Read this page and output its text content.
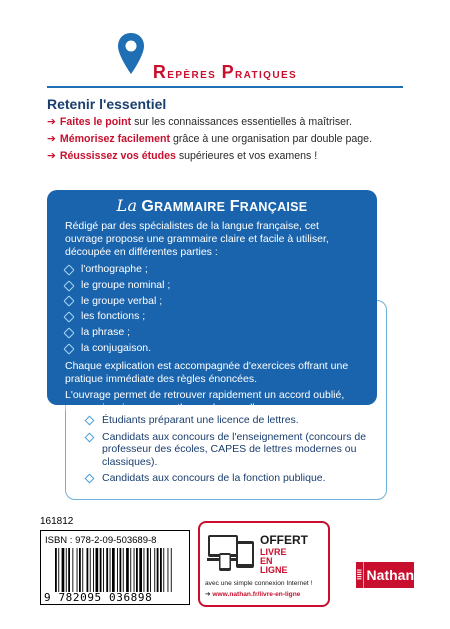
Repères Pratiques
Retenir l'essentiel
➔ Faites le point sur les connaissances essentielles à maîtriser.
➔ Mémorisez facilement grâce à une organisation par double page.
➔ Réussissez vos études supérieures et vos examens !
La GRAMMAIRE FRANÇAISE

Rédigé par des spécialistes de la langue française, cet ouvrage propose une grammaire claire et facile à utiliser, découpée en différentes parties :

l'orthographe ;
le groupe nominal ;
le groupe verbal ;
les fonctions ;
la phrase ;
la conjugaison.

Chaque explication est accompagnée d'exercices offrant une pratique immédiate des règles énoncées.

L'ouvrage permet de retrouver rapidement un accord oublié, une conjugaison, une orthographe usuelle...

Étudiants préparant une licence de lettres.
Candidats aux concours de l'enseignement (concours de professeur des écoles, CAPES de lettres modernes ou classiques).
Candidats aux concours de la fonction publique.
161812
ISBN : 978-2-09-503689-8
9 782095 036898
OFFERT
LIVRE
EN LIGNE
avec une simple connexion Internet !
➔ www.nathan.fr/livre-en-ligne
Nathan
